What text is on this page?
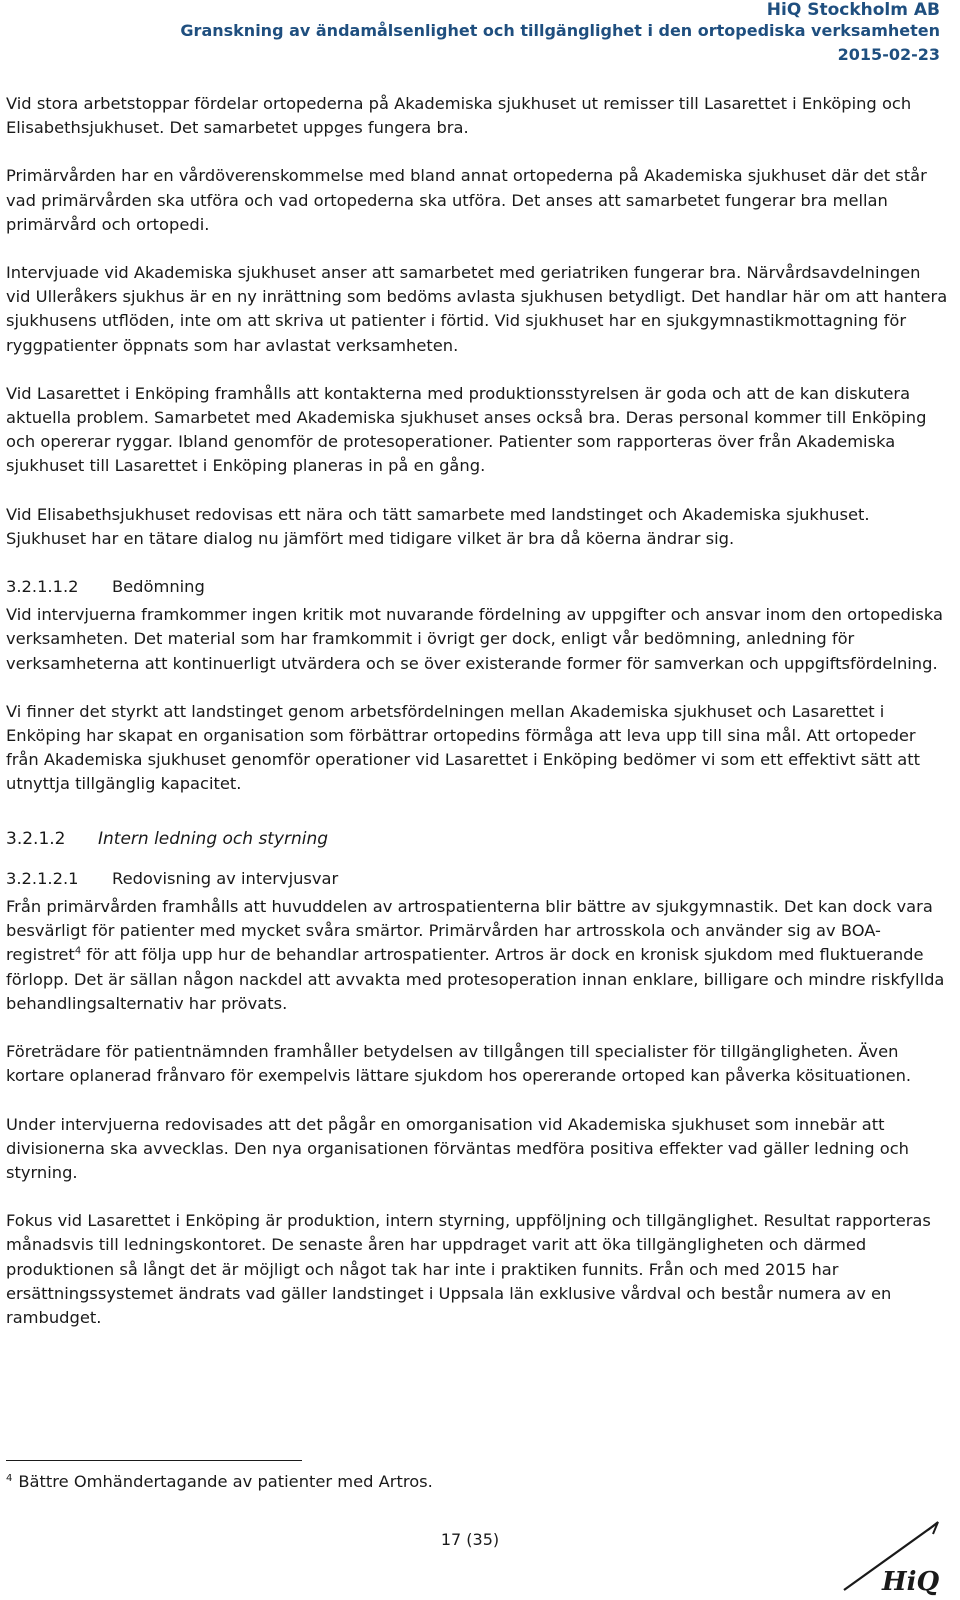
HiQ Stockholm AB
Granskning av ändamålsenlighet och tillgänglighet i den ortopediska verksamheten
2015-02-23

Vid stora arbetstoppar fördelar ortopederna på Akademiska sjukhuset ut remisser till Lasarettet i Enköping och Elisabethsjukhuset. Det samarbetet uppges fungera bra.

Primärvården har en vårdöverenskommelse med bland annat ortopederna på Akademiska sjukhuset där det står vad primärvården ska utföra och vad ortopederna ska utföra. Det anses att samarbetet fungerar bra mellan primärvård och ortopedi.

Intervjuade vid Akademiska sjukhuset anser att samarbetet med geriatriken fungerar bra. Närvårdsavdelningen vid Ulleråkers sjukhus är en ny inrättning som bedöms avlasta sjukhusen betydligt. Det handlar här om att hantera sjukhusens utflöden, inte om att skriva ut patienter i förtid. Vid sjukhuset har en sjukgymnastikmottagning för ryggpatienter öppnats som har avlastat verksamheten.

Vid Lasarettet i Enköping framhålls att kontakterna med produktionsstyrelsen är goda och att de kan diskutera aktuella problem. Samarbetet med Akademiska sjukhuset anses också bra. Deras personal kommer till Enköping och opererar ryggar. Ibland genomför de protesoperationer. Patienter som rapporteras över från Akademiska sjukhuset till Lasarettet i Enköping planeras in på en gång.

Vid Elisabethsjukhuset redovisas ett nära och tätt samarbete med landstinget och Akademiska sjukhuset. Sjukhuset har en tätare dialog nu jämfört med tidigare vilket är bra då köerna ändrar sig.

3.2.1.1.2 Bedömning

Vid intervjuerna framkommer ingen kritik mot nuvarande fördelning av uppgifter och ansvar inom den ortopediska verksamheten. Det material som har framkommit i övrigt ger dock, enligt vår bedömning, anledning för verksamheterna att kontinuerligt utvärdera och se över existerande former för samverkan och uppgiftsfördelning.

Vi finner det styrkt att landstinget genom arbetsfördelningen mellan Akademiska sjukhuset och Lasarettet i Enköping har skapat en organisation som förbättrar ortopedins förmåga att leva upp till sina mål. Att ortopeder från Akademiska sjukhuset genomför operationer vid Lasarettet i Enköping bedömer vi som ett effektivt sätt att utnyttja tillgänglig kapacitet.

3.2.1.2 Intern ledning och styrning
3.2.1.2.1 Redovisning av intervjusvar

Från primärvården framhålls att huvuddelen av artrospatienterna blir bättre av sjukgymnastik. Det kan dock vara besvärligt för patienter med mycket svåra smärtor. Primärvården har artrosskola och använder sig av BOA-registret$^4$ för att följa upp hur de behandlar artrospatienter. Artros är dock en kronisk sjukdom med fluktuerande förlopp. Det är sällan någon nackdel att avvakta med protesoperation innan enklare, billigare och mindre riskfyllda behandlingsalternativ har prövats.

Företrädare för patientnämnden framhåller betydelsen av tillgången till specialister för tillgängligheten. Även kortare oplanerad frånvaro för exempelvis lättare sjukdom hos opererande ortoped kan påverka kösituationen.

Under intervjuerna redovisades att det pågår en omorganisation vid Akademiska sjukhuset som innebär att divisionerna ska avvecklas. Den nya organisationen förväntas medföra positiva effekter vad gäller ledning och styrning.

Fokus vid Lasarettet i Enköping är produktion, intern styrning, uppföljning och tillgänglighet. Resultat rapporteras månadsvis till ledningskontoret. De senaste åren har uppdraget varit att öka tillgängligheten och därmed produktionen så långt det är möjligt och något tak har inte i praktiken funnits. Från och med 2015 har ersättningssystemet ändrats vad gäller landstinget i Uppsala län exklusive vårdval och består numera av en rambudget.

$^4$ Bättre Omhändertagande av patienter med Artros.
17 (35)
HiQ
